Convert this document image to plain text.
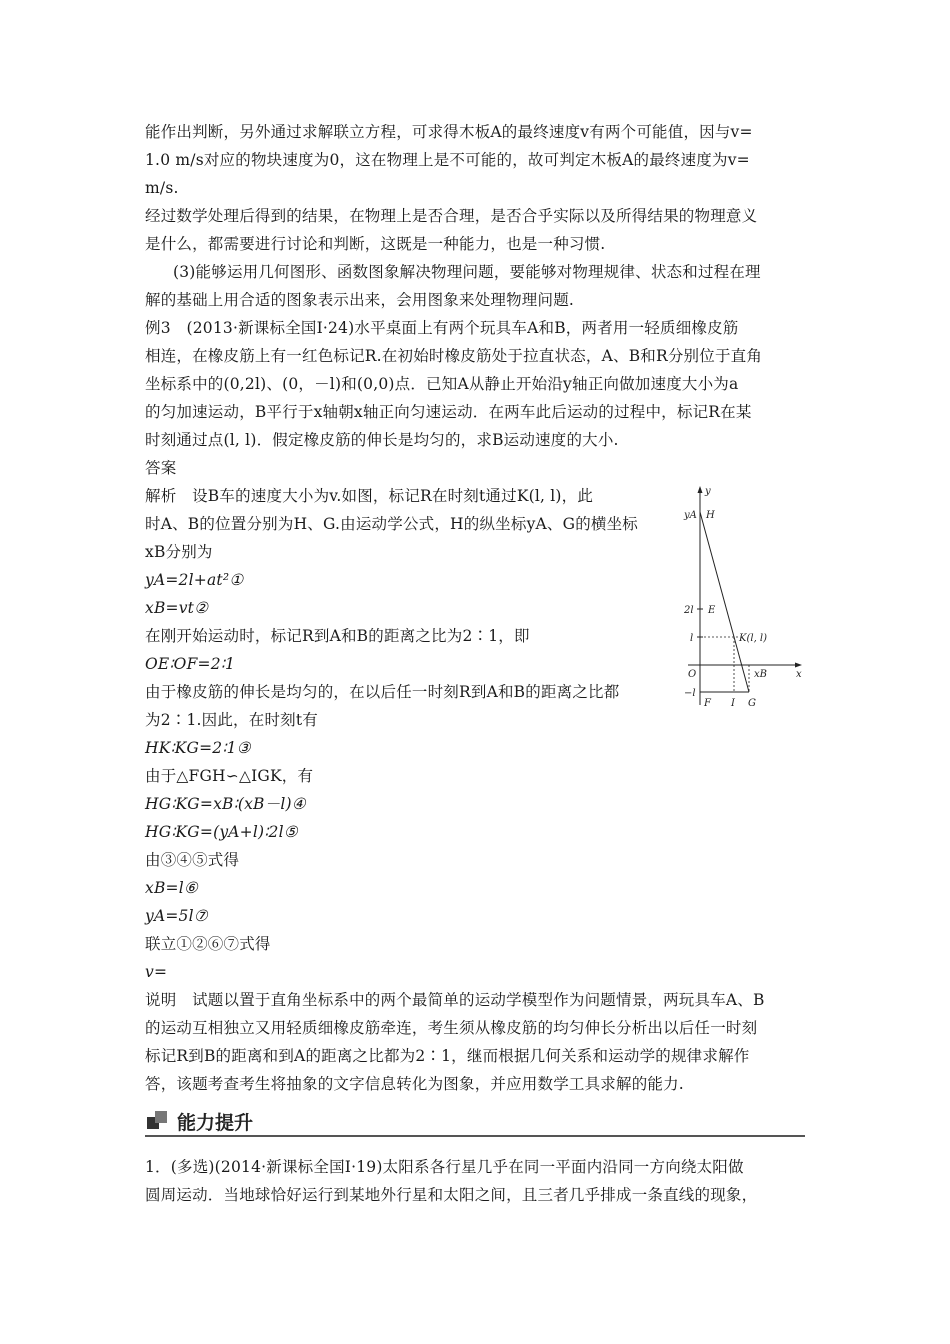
能作出判断，另外通过求解联立方程，可求得木板A的最终速度v有两个可能值，因与v=
1.0 m/s对应的物块速度为0，这在物理上是不可能的，故可判定木板A的最终速度为v=
m/s.
经过数学处理后得到的结果，在物理上是否合理，是否合乎实际以及所得结果的物理意义
是什么，都需要进行讨论和判断，这既是一种能力，也是一种习惯.
(3)能够运用几何图形、函数图象解决物理问题，要能够对物理规律、状态和过程在理
解的基础上用合适的图象表示出来，会用图象来处理物理问题.
例3　(2013·新课标全国Ⅰ·24)水平桌面上有两个玩具车A和B，两者用一轻质细橡皮筋
相连，在橡皮筋上有一红色标记R.在初始时橡皮筋处于拉直状态，A、B和R分别位于直角
坐标系中的(0,2l)、(0，－l)和(0,0)点．已知A从静止开始沿y轴正向做加速度大小为a
的匀加速运动，B平行于x轴朝x轴正向匀速运动．在两车此后运动的过程中，标记R在某
时刻通过点(l, l)．假定橡皮筋的伸长是均匀的，求B运动速度的大小.
答案
解析　设B车的速度大小为v.如图，标记R在时刻t通过K(l, l)，此
时A、B的位置分别为H、G.由运动学公式，H的纵坐标yA、G的横坐标
xB分别为
yA=2l+at²①
xB=vt②
在刚开始运动时，标记R到A和B的距离之比为2∶1，即
OE∶OF=2∶1
由于橡皮筋的伸长是均匀的，在以后任一时刻R到A和B的距离之比都
为2∶1.因此，在时刻t有
HK∶KG=2∶1③
由于△FGH∽△IGK，有
HG∶KG=xB∶(xB－l)④
HG∶KG=(yA+l)∶2l⑤
由③④⑤式得
xB=l⑥
yA=5l⑦
联立①②⑥⑦式得
v=
说明　试题以置于直角坐标系中的两个最简单的运动学模型作为问题情景，两玩具车A、B
的运动互相独立又用轻质细橡皮筋牵连，考生须从橡皮筋的均匀伸长分析出以后任一时刻
标记R到B的距离和到A的距离之比都为2∶1，继而根据几何关系和运动学的规律求解作
答，该题考查考生将抽象的文字信息转化为图象，并应用数学工具求解的能力.
能力提升
1．(多选)(2014·新课标全国Ⅰ·19)太阳系各行星几乎在同一平面内沿同一方向绕太阳做
圆周运动．当地球恰好运行到某地外行星和太阳之间，且三者几乎排成一条直线的现象，
y
x
yA H
2l E
l	K(l, l)
O	xB
−l
F I G
